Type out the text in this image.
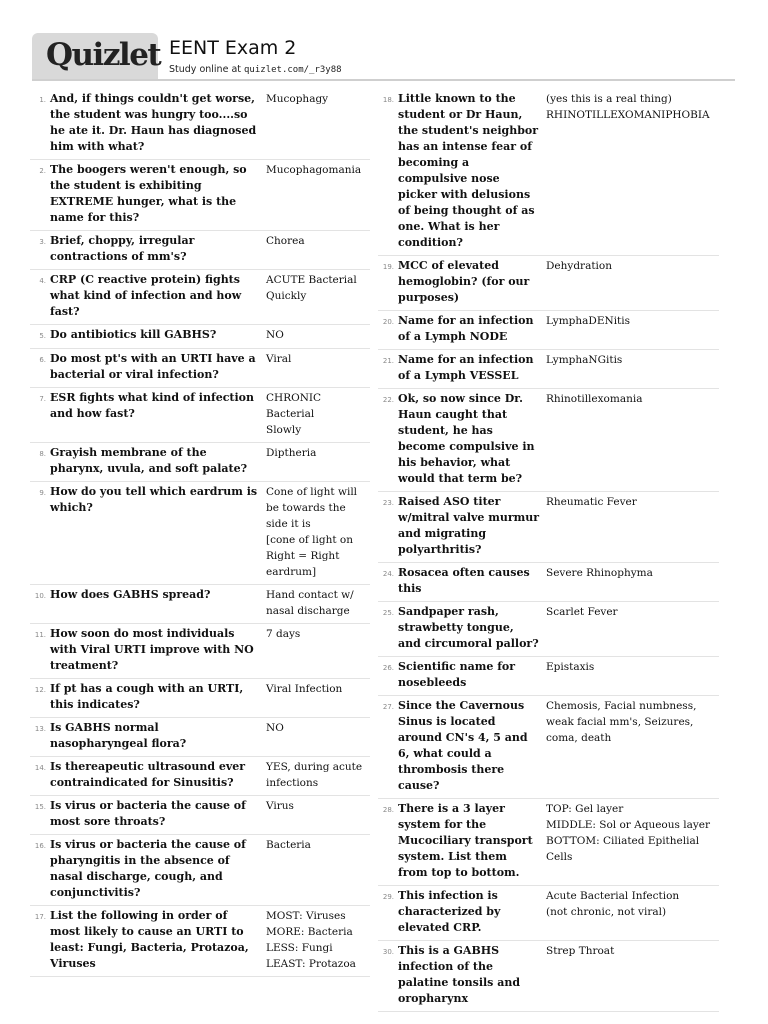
Quizlet EENT Exam 2
Study online at quizlet.com/_r3y88
1. And, if things couldn't get worse, the student was hungry too....so he ate it. Dr. Haun has diagnosed him with what?
Mucophagy
2. The boogers weren't enough, so the student is exhibiting EXTREME hunger, what is the name for this?
Mucophagomania
3. Brief, choppy, irregular contractions of mm's?
Chorea
4. CRP (C reactive protein) fights what kind of infection and how fast?
ACUTE Bacterial
Quickly
5. Do antibiotics kill GABHS?	NO
6. Do most pt's with an URTI have a bacterial or viral infection?
Viral
7. ESR fights what kind of infection and how fast?
CHRONIC
Bacterial
Slowly
8. Grayish membrane of the pharynx, uvula, and soft palate?
Diptheria
9. How do you tell which eardrum is which?
Cone of light will be towards the side it is
[cone of light on Right = Right eardrum]
10. How does GABHS spread?	Hand contact w/ nasal discharge
11. How soon do most individuals with Viral URTI improve with NO treatment?
7 days
12. If pt has a cough with an URTI, this indicates?
Viral Infection
13. Is GABHS normal nasopharyngeal flora?
NO
14. Is thereapeutic ultrasound ever contraindicated for Sinusitis?
YES, during acute infections
15. Is virus or bacteria the cause of most sore throats?
Virus
16. Is virus or bacteria the cause of pharyngitis in the absence of nasal discharge, cough, and conjunctivitis?
Bacteria
17. List the following in order of most likely to cause an URTI to least: Fungi, Bacteria, Protazoa, Viruses
MOST: Viruses
MORE: Bacteria
LESS: Fungi
LEAST: Protazoa
18. Little known to the student or Dr Haun, the student's neighbor has an intense fear of becoming a compulsive nose picker with delusions of being thought of as one. What is her condition?
(yes this is a real thing)
RHINOTILLEXOMANIPHOBIA
19. MCC of elevated hemoglobin? (for our purposes)
Dehydration
20. Name for an infection of a Lymph NODE
LymphaDENitis
21. Name for an infection of a Lymph VESSEL
LymphaNGitis
22. Ok, so now since Dr. Haun caught that student, he has become compulsive in his behavior, what would that term be?
Rhinotillexomania
23. Raised ASO titer w/mitral valve murmur and migrating polyarthritis?
Rheumatic Fever
24. Rosacea often causes this
Severe Rhinophyma
25. Sandpaper rash, strawbetty tongue, and circumoral pallor?
Scarlet Fever
26. Scientific name for nosebleeds
Epistaxis
27. Since the Cavernous Sinus is located around CN's 4, 5 and 6, what could a thrombosis there cause?
Chemosis, Facial numbness, weak facial mm's, Seizures, coma, death
28. There is a 3 layer system for the Mucociliary transport system. List them from top to bottom.
TOP: Gel layer
MIDDLE: Sol or Aqueous layer
BOTTOM: Ciliated Epithelial Cells
29. This infection is characterized by elevated CRP.
Acute Bacterial Infection
(not chronic, not viral)
30. This is a GABHS infection of the palatine tonsils and oropharynx
Strep Throat
